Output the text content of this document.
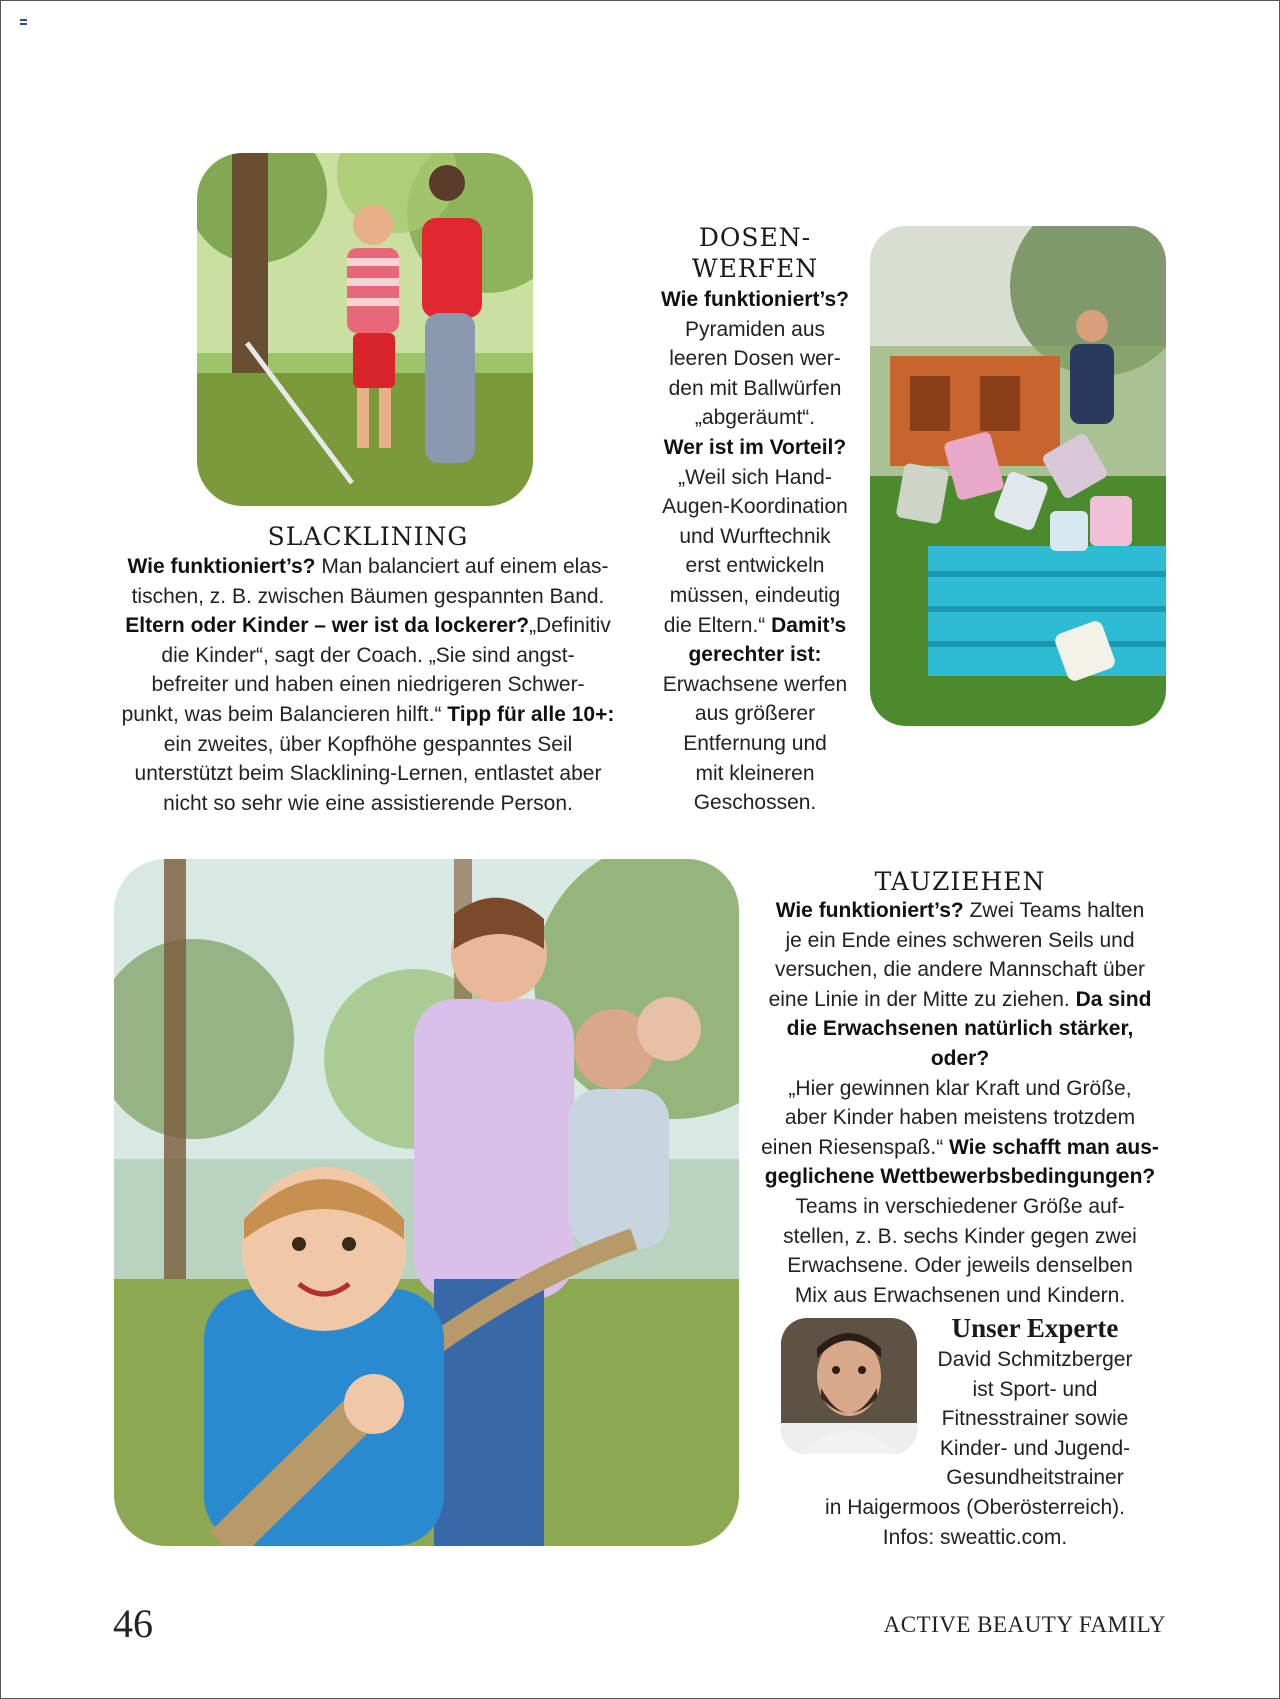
SLACKLINING
Wie funktioniert’s? Man balanciert auf einem elas-
tischen, z. B. zwischen Bäumen gespannten Band.
Eltern oder Kinder – wer ist da lockerer?„Definitiv
die Kinder“, sagt der Coach. „Sie sind angst-
befreiter und haben einen niedrigeren Schwer-
punkt, was beim Balancieren hilft.“ Tipp für alle 10+:
ein zweites, über Kopfhöhe gespanntes Seil
unterstützt beim Slacklining-Lernen, entlastet aber
nicht so sehr wie eine assistierende Person.
DOSEN-
WERFEN
Wie funktioniert’s?
Pyramiden aus
leeren Dosen wer-
den mit Ballwürfen
„abgeräumt“.
Wer ist im Vorteil?
„Weil sich Hand-
Augen-Koordination
und Wurftechnik
erst entwickeln
müssen, eindeutig
die Eltern.“ Damit’s
gerechter ist:
Erwachsene werfen
aus größerer
Entfernung und
mit kleineren
Geschossen.
TAUZIEHEN
Wie funktioniert’s? Zwei Teams halten
je ein Ende eines schweren Seils und
versuchen, die andere Mannschaft über
eine Linie in der Mitte zu ziehen. Da sind
die Erwachsenen natürlich stärker, oder?
„Hier gewinnen klar Kraft und Größe,
aber Kinder haben meistens trotzdem
einen Riesenspaß.“ Wie schafft man aus-
geglichene Wettbewerbsbedingungen?
Teams in verschiedener Größe auf-
stellen, z. B. sechs Kinder gegen zwei
Erwachsene. Oder jeweils denselben
Mix aus Erwachsenen und Kindern.
Unser Experte
David Schmitzberger
ist Sport- und
Fitnesstrainer sowie
Kinder- und Jugend-
Gesundheitstrainer
in Haigermoos (Oberösterreich).
Infos: sweattic.com.
46	ACTIVE BEAUTY FAMILY
